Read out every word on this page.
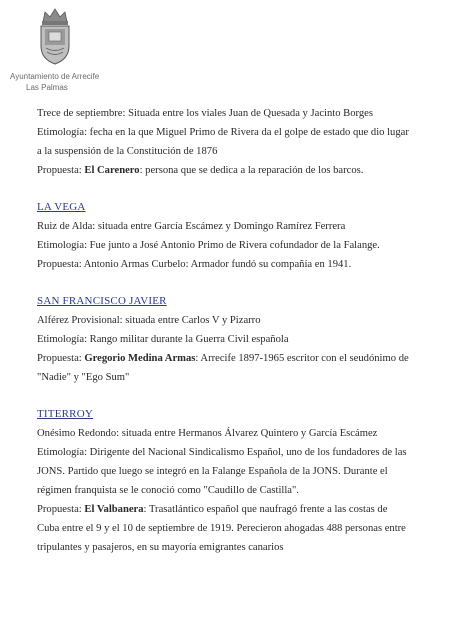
Ayuntamiento de Arrecife
Las Palmas
Trece de septiembre: Situada entre los viales Juan de Quesada y Jacinto Borges
Etimología: fecha en la que Miguel Primo de Rivera da el golpe de estado que dio lugar
a la suspensión de la Constitución de 1876
Propuesta: El Carenero: persona que se dedica a la reparación de los barcos.
LA VEGA
Ruiz de Alda: situada entre García Escámez y Domingo Ramírez Ferrera
Etimología: Fue junto a José Antonio Primo de Rivera cofundador de la Falange.
Propuesta: Antonio Armas Curbelo: Armador fundó su compañía en 1941.
SAN FRANCISCO JAVIER
Alférez Provisional: situada entre Carlos V y Pizarro
Etimología: Rango militar durante la Guerra Civil española
Propuesta: Gregorio Medina Armas: Arrecife 1897-1965 escritor con el seudónimo de
"Nadie" y "Ego Sum"
TITERROY
Onésimo Redondo: situada entre Hermanos Álvarez Quintero y García Escámez
Etimología: Dirigente del Nacional Sindicalismo Español, uno de los fundadores de las
JONS. Partido que luego se integró en la Falange Española de la JONS. Durante el
régimen franquista se le conoció como "Caudillo de Castilla".
Propuesta: El Valbanera: Trasatlántico español que naufragó frente a las costas de
Cuba entre el 9 y el 10 de septiembre de 1919. Perecieron ahogadas 488 personas entre
tripulantes y pasajeros, en su mayoría emigrantes canarios
